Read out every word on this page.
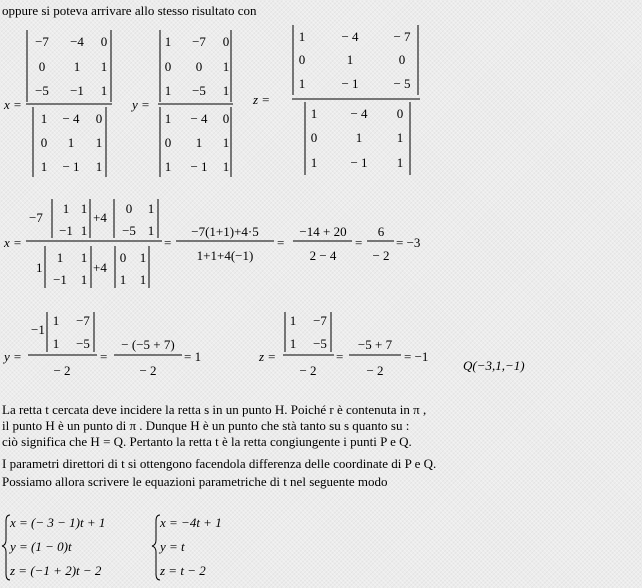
oppure si poteva arrivare allo stesso risultato con

x =
−7 −4 0
0 1 1
−5 −1 1
1 − 4 0
0 1 1
1 − 1 1
y =
1 −7 0
0 0 1
1 −5 1
1 − 4 0
0 1 1
1 − 1 1
z =
1	− 4	− 7
0	1	0
1	− 1	− 5
1	− 4 0
0	1	1
1	− 1 1
x =
−7	+4
1 1
−1 1
0 1
−5 1
1	+4
1 1
−1 1
0 1
1 1
=
−7(1+1)+4·5
1+1+4(−1)
=
−14 + 20
2 − 4
=
6
− 2
= −3
y =
−1
1 −7
1 −5
− 2
=
− (−5 + 7)
− 2
= 1	z =
1 −7
1 −5
− 2
=
−5 + 7
− 2
= −1
Q(−3,1,−1)
x = (− 3 − 1)t + 1
y = (1 − 0)t
z = (−1 + 2)t − 2
x = −4t + 1
y = t
z = t − 2

La retta t cercata deve incidere la retta s in un punto H. Poiché r è contenuta in π ,

il punto H è un punto di π . Dunque H è un punto che stà tanto su s quanto su :

ciò significa che H = Q. Pertanto la retta t è la retta congiungente i punti P e Q.

I parametri direttori di t si ottengono facendola differenza delle coordinate di P e Q.

Possiamo allora scrivere le equazioni parametriche di t nel seguente modo
